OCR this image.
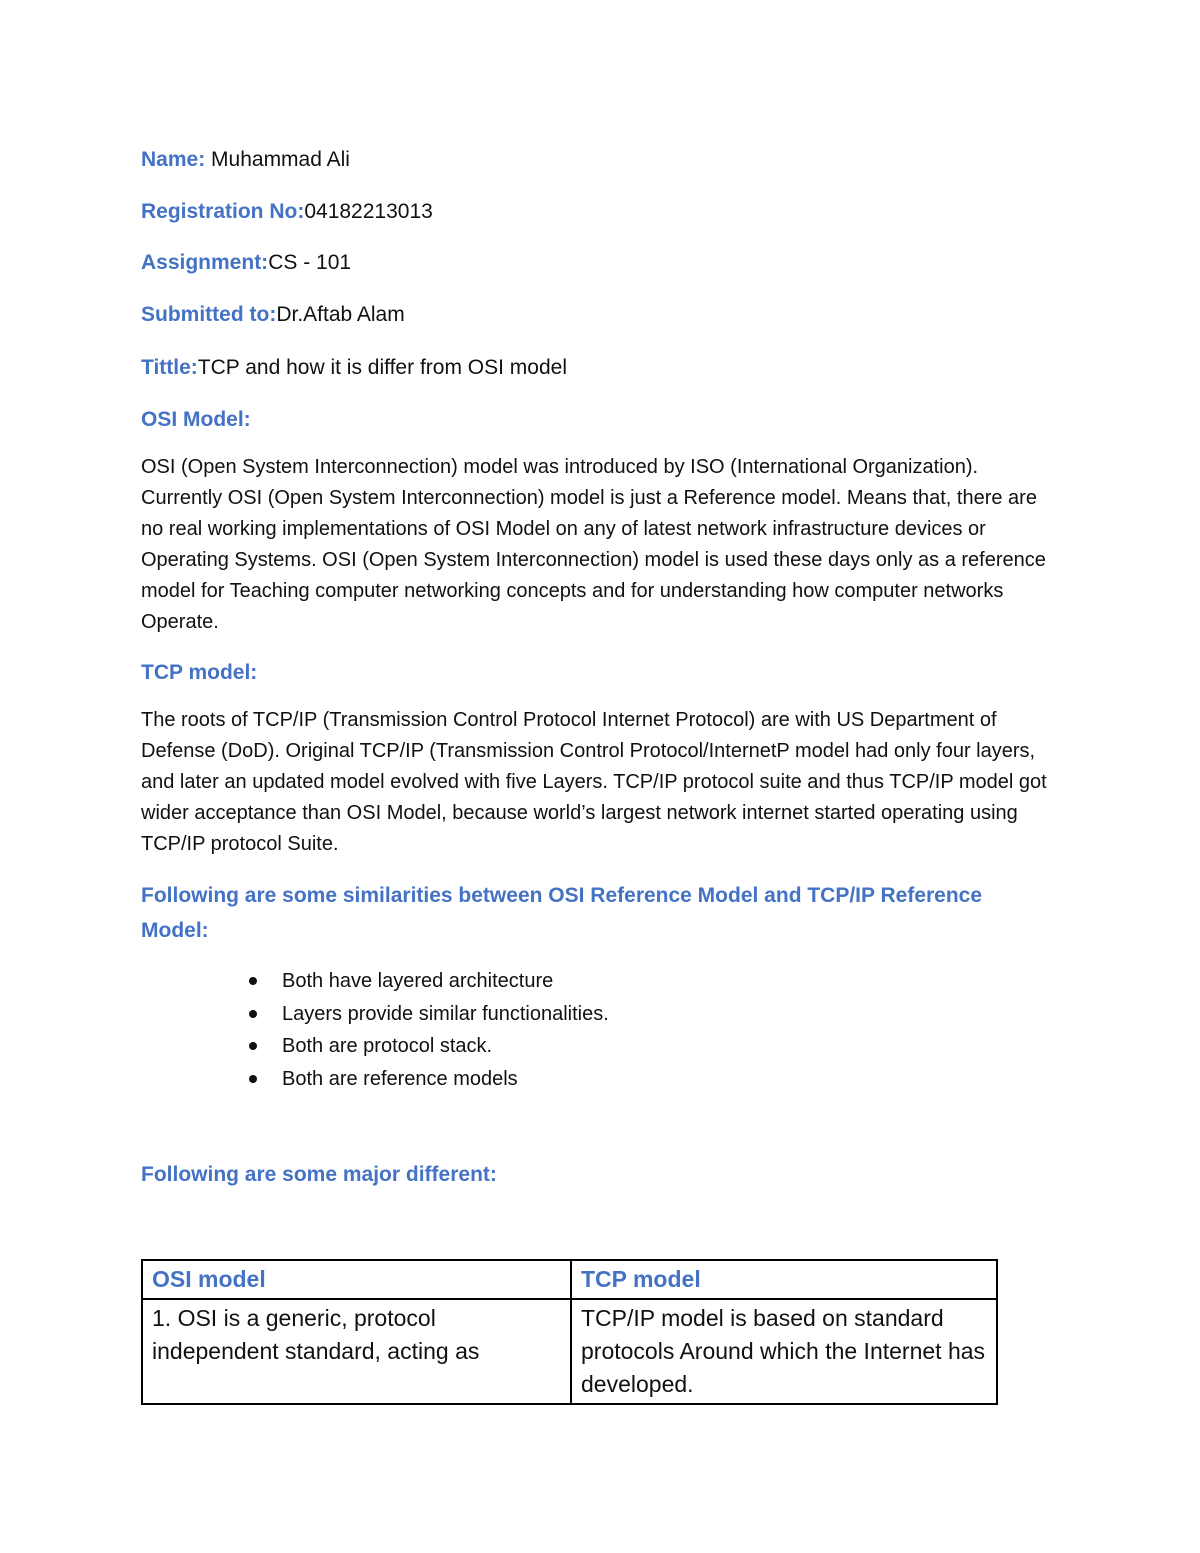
Name: Muhammad Ali
Registration No:04182213013
Assignment:CS - 101
Submitted to:Dr.Aftab Alam
Tittle:TCP and how it is differ from OSI model
OSI Model:
OSI (Open System Interconnection) model was introduced by ISO (International Organization). Currently OSI (Open System Interconnection) model is just a Reference model. Means that, there are no real working implementations of OSI Model on any of latest network infrastructure devices or Operating Systems. OSI (Open System Interconnection) model is used these days only as a reference model for Teaching computer networking concepts and for understanding how computer networks Operate.
TCP model:
The roots of TCP/IP (Transmission Control Protocol Internet Protocol) are with US Department of Defense (DoD). Original TCP/IP (Transmission Control Protocol/InternetP model had only four layers, and later an updated model evolved with five Layers. TCP/IP protocol suite and thus TCP/IP model got wider acceptance than OSI Model, because world’s largest network internet started operating using TCP/IP protocol Suite.
Following are some similarities between OSI Reference Model and TCP/IP Reference Model:
Both have layered architecture
Layers provide similar functionalities.
Both are protocol stack.
Both are reference models
Following are some major different:
OSI model	TCP model
1. OSI is a generic, protocol independent standard, acting as	TCP/IP model is based on standard protocols Around which the Internet has developed.
